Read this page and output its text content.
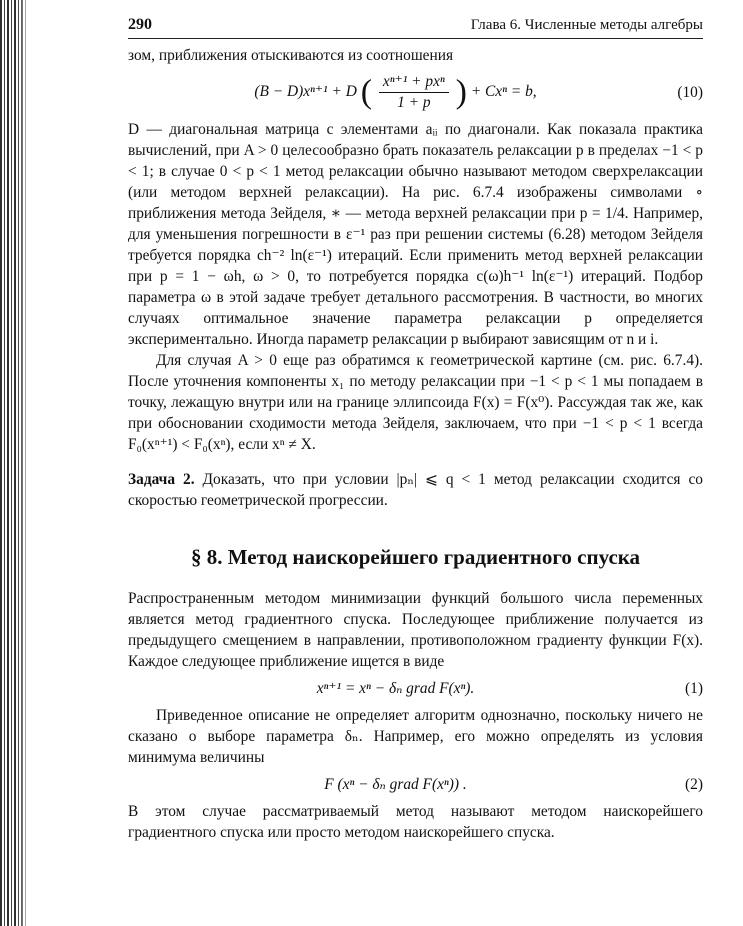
290	Глава 6. Численные методы алгебры

зом, приближения отыскиваются из соотношения

(B − D)xⁿ⁺¹ + D ( $\frac{\text{xⁿ⁺¹ + pxⁿ}}{1 + p}$ ) + Cxⁿ = b,	(10)

D — диагональная матрица с элементами aᵢᵢ по диагонали. Как показала практика вычислений, при A > 0 целесообразно брать показатель релаксации p в пределах −1 < p < 1; в случае 0 < p < 1 метод релаксации обычно называют методом сверхрелаксации (или методом верхней релаксации). На рис. 6.7.4 изображены символами ∘ приближения метода Зейделя, ∗ — метода верхней релаксации при p = 1/4. Например, для уменьшения погрешности в ε⁻¹ раз при решении системы (6.28) методом Зейделя требуется порядка ch⁻² ln(ε⁻¹) итераций. Если применить метод верхней релаксации при p = 1 − ωh, ω > 0, то потребуется порядка c(ω)h⁻¹ ln(ε⁻¹) итераций. Подбор параметра ω в этой задаче требует детального рассмотрения. В частности, во многих случаях оптимальное значение параметра релаксации p определяется экспериментально. Иногда параметр релаксации p выбирают зависящим от n и i.

Для случая A > 0 еще раз обратимся к геометрической картине (см. рис. 6.7.4). После уточнения компоненты x₁ по методу релаксации при −1 < p < 1 мы попадаем в точку, лежащую внутри или на границе эллипсоида F(x) = F(x⁰). Рассуждая так же, как при обосновании сходимости метода Зейделя, заключаем, что при −1 < p < 1 всегда F₀(xⁿ⁺¹) < F₀(xⁿ), если xⁿ ≠ X.

Задача 2. Доказать, что при условии |pₙ| ⩽ q < 1 метод релаксации сходится со скоростью геометрической прогрессии.

§ 8. Метод наискорейшего градиентного спуска

Распространенным методом минимизации функций большого числа переменных является метод градиентного спуска. Последующее приближение получается из предыдущего смещением в направлении, противоположном градиенту функции F(x). Каждое следующее приближение ищется в виде

xⁿ⁺¹ = xⁿ − δₙ grad F(xⁿ).	(1)

Приведенное описание не определяет алгоритм однозначно, поскольку ничего не сказано о выборе параметра δₙ. Например, его можно определять из условия минимума величины

F (xⁿ − δₙ grad F(xⁿ)) .	(2)

В этом случае рассматриваемый метод называют методом наискорейшего градиентного спуска или просто методом наискорейшего спуска.
